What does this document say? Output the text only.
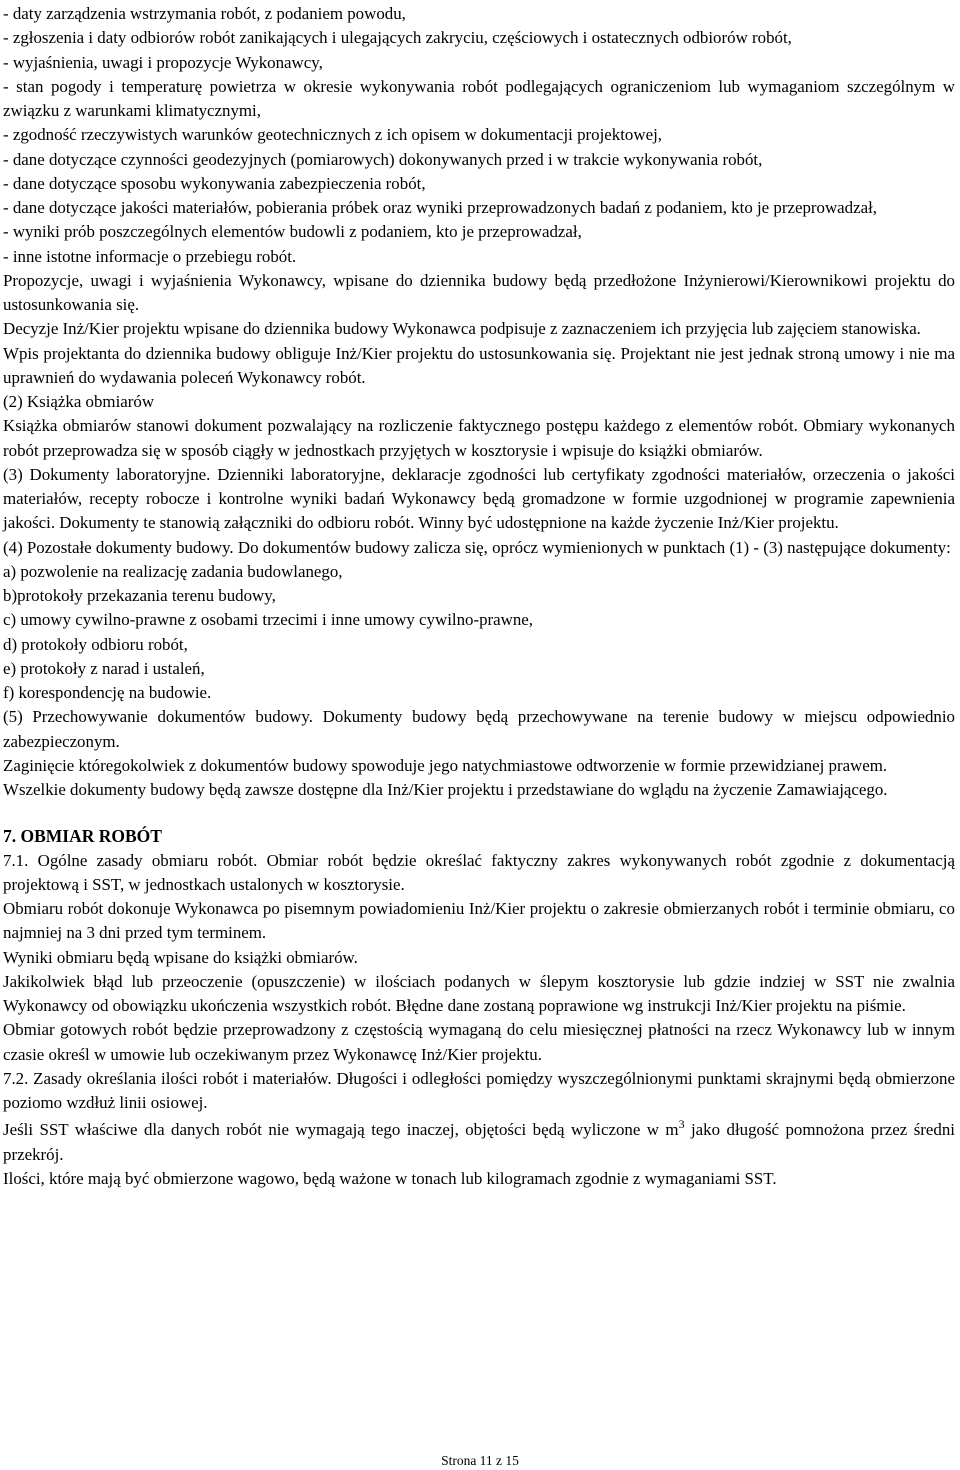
- daty zarządzenia wstrzymania robót, z podaniem powodu,

- zgłoszenia i daty odbiorów robót zanikających i ulegających zakryciu, częściowych i ostatecznych odbiorów robót,

- wyjaśnienia, uwagi i propozycje Wykonawcy,

- stan pogody i temperaturę powietrza w okresie wykonywania robót podlegających ograniczeniom lub wymaganiom szczególnym w związku z warunkami klimatycznymi,

- zgodność rzeczywistych warunków geotechnicznych z ich opisem w dokumentacji projektowej,

- dane dotyczące czynności geodezyjnych (pomiarowych) dokonywanych przed i w trakcie wykonywania robót,

- dane dotyczące sposobu wykonywania zabezpieczenia robót,

- dane dotyczące jakości materiałów, pobierania próbek oraz wyniki przeprowadzonych badań z podaniem, kto je przeprowadzał,

- wyniki prób poszczególnych elementów budowli z podaniem, kto je przeprowadzał,

- inne istotne informacje o przebiegu robót.

Propozycje, uwagi i wyjaśnienia Wykonawcy, wpisane do dziennika budowy będą przedłożone Inżynierowi/Kierownikowi projektu do ustosunkowania się.

Decyzje Inż/Kier projektu wpisane do dziennika budowy Wykonawca podpisuje z zaznaczeniem ich przyjęcia lub zajęciem stanowiska.

Wpis projektanta do dziennika budowy obliguje Inż/Kier projektu do ustosunkowania się. Projektant nie jest jednak stroną umowy i nie ma uprawnień do wydawania poleceń Wykonawcy robót.

(2) Książka obmiarów

Książka obmiarów stanowi dokument pozwalający na rozliczenie faktycznego postępu każdego z elementów robót. Obmiary wykonanych robót przeprowadza się w sposób ciągły w jednostkach przyjętych w kosztorysie i wpisuje do książki obmiarów.

(3) Dokumenty laboratoryjne. Dzienniki laboratoryjne, deklaracje zgodności lub certyfikaty zgodności materiałów, orzeczenia o jakości materiałów, recepty robocze i kontrolne wyniki badań Wykonawcy będą gromadzone w formie uzgodnionej w programie zapewnienia jakości. Dokumenty te stanowią załączniki do odbioru robót. Winny być udostępnione na każde życzenie Inż/Kier projektu.

(4) Pozostałe dokumenty budowy. Do dokumentów budowy zalicza się, oprócz wymienionych w punktach (1) - (3) następujące dokumenty:

a) pozwolenie na realizację zadania budowlanego,

b)protokoły przekazania terenu budowy,

c) umowy cywilno-prawne z osobami trzecimi i inne umowy cywilno-prawne,

d) protokoły odbioru robót,

e) protokoły z narad i ustaleń,

f) korespondencję na budowie.

(5) Przechowywanie dokumentów budowy. Dokumenty budowy będą przechowywane na terenie budowy w miejscu odpowiednio zabezpieczonym.

Zaginięcie któregokolwiek z dokumentów budowy spowoduje jego natychmiastowe odtworzenie w formie przewidzianej prawem.

Wszelkie dokumenty budowy będą zawsze dostępne dla Inż/Kier projektu i przedstawiane do wglądu na życzenie Zamawiającego.

7. OBMIAR ROBÓT

7.1. Ogólne zasady obmiaru robót. Obmiar robót będzie określać faktyczny zakres wykonywanych robót zgodnie z dokumentacją projektową i SST, w jednostkach ustalonych w kosztorysie.

Obmiaru robót dokonuje Wykonawca po pisemnym powiadomieniu Inż/Kier projektu o zakresie obmierzanych robót i terminie obmiaru, co najmniej na 3 dni przed tym terminem.

Wyniki obmiaru będą wpisane do książki obmiarów.

Jakikolwiek błąd lub przeoczenie (opuszczenie) w ilościach podanych w ślepym kosztorysie lub gdzie indziej w SST nie zwalnia Wykonawcy od obowiązku ukończenia wszystkich robót. Błędne dane zostaną poprawione wg instrukcji Inż/Kier projektu na piśmie.

Obmiar gotowych robót będzie przeprowadzony z częstością wymaganą do celu miesięcznej płatności na rzecz Wykonawcy lub w innym czasie określ w umowie lub oczekiwanym przez Wykonawcę Inż/Kier projektu.

7.2. Zasady określania ilości robót i materiałów. Długości i odległości pomiędzy wyszczególnionymi punktami skrajnymi będą obmierzone poziomo wzdłuż linii osiowej.

Jeśli SST właściwe dla danych robót nie wymagają tego inaczej, objętości będą wyliczone w $m^3$ jako długość pomnożona przez średni przekrój.

Ilości, które mają być obmierzone wagowo, będą ważone w tonach lub kilogramach zgodnie z wymaganiami SST.

Strona 11 z 15
